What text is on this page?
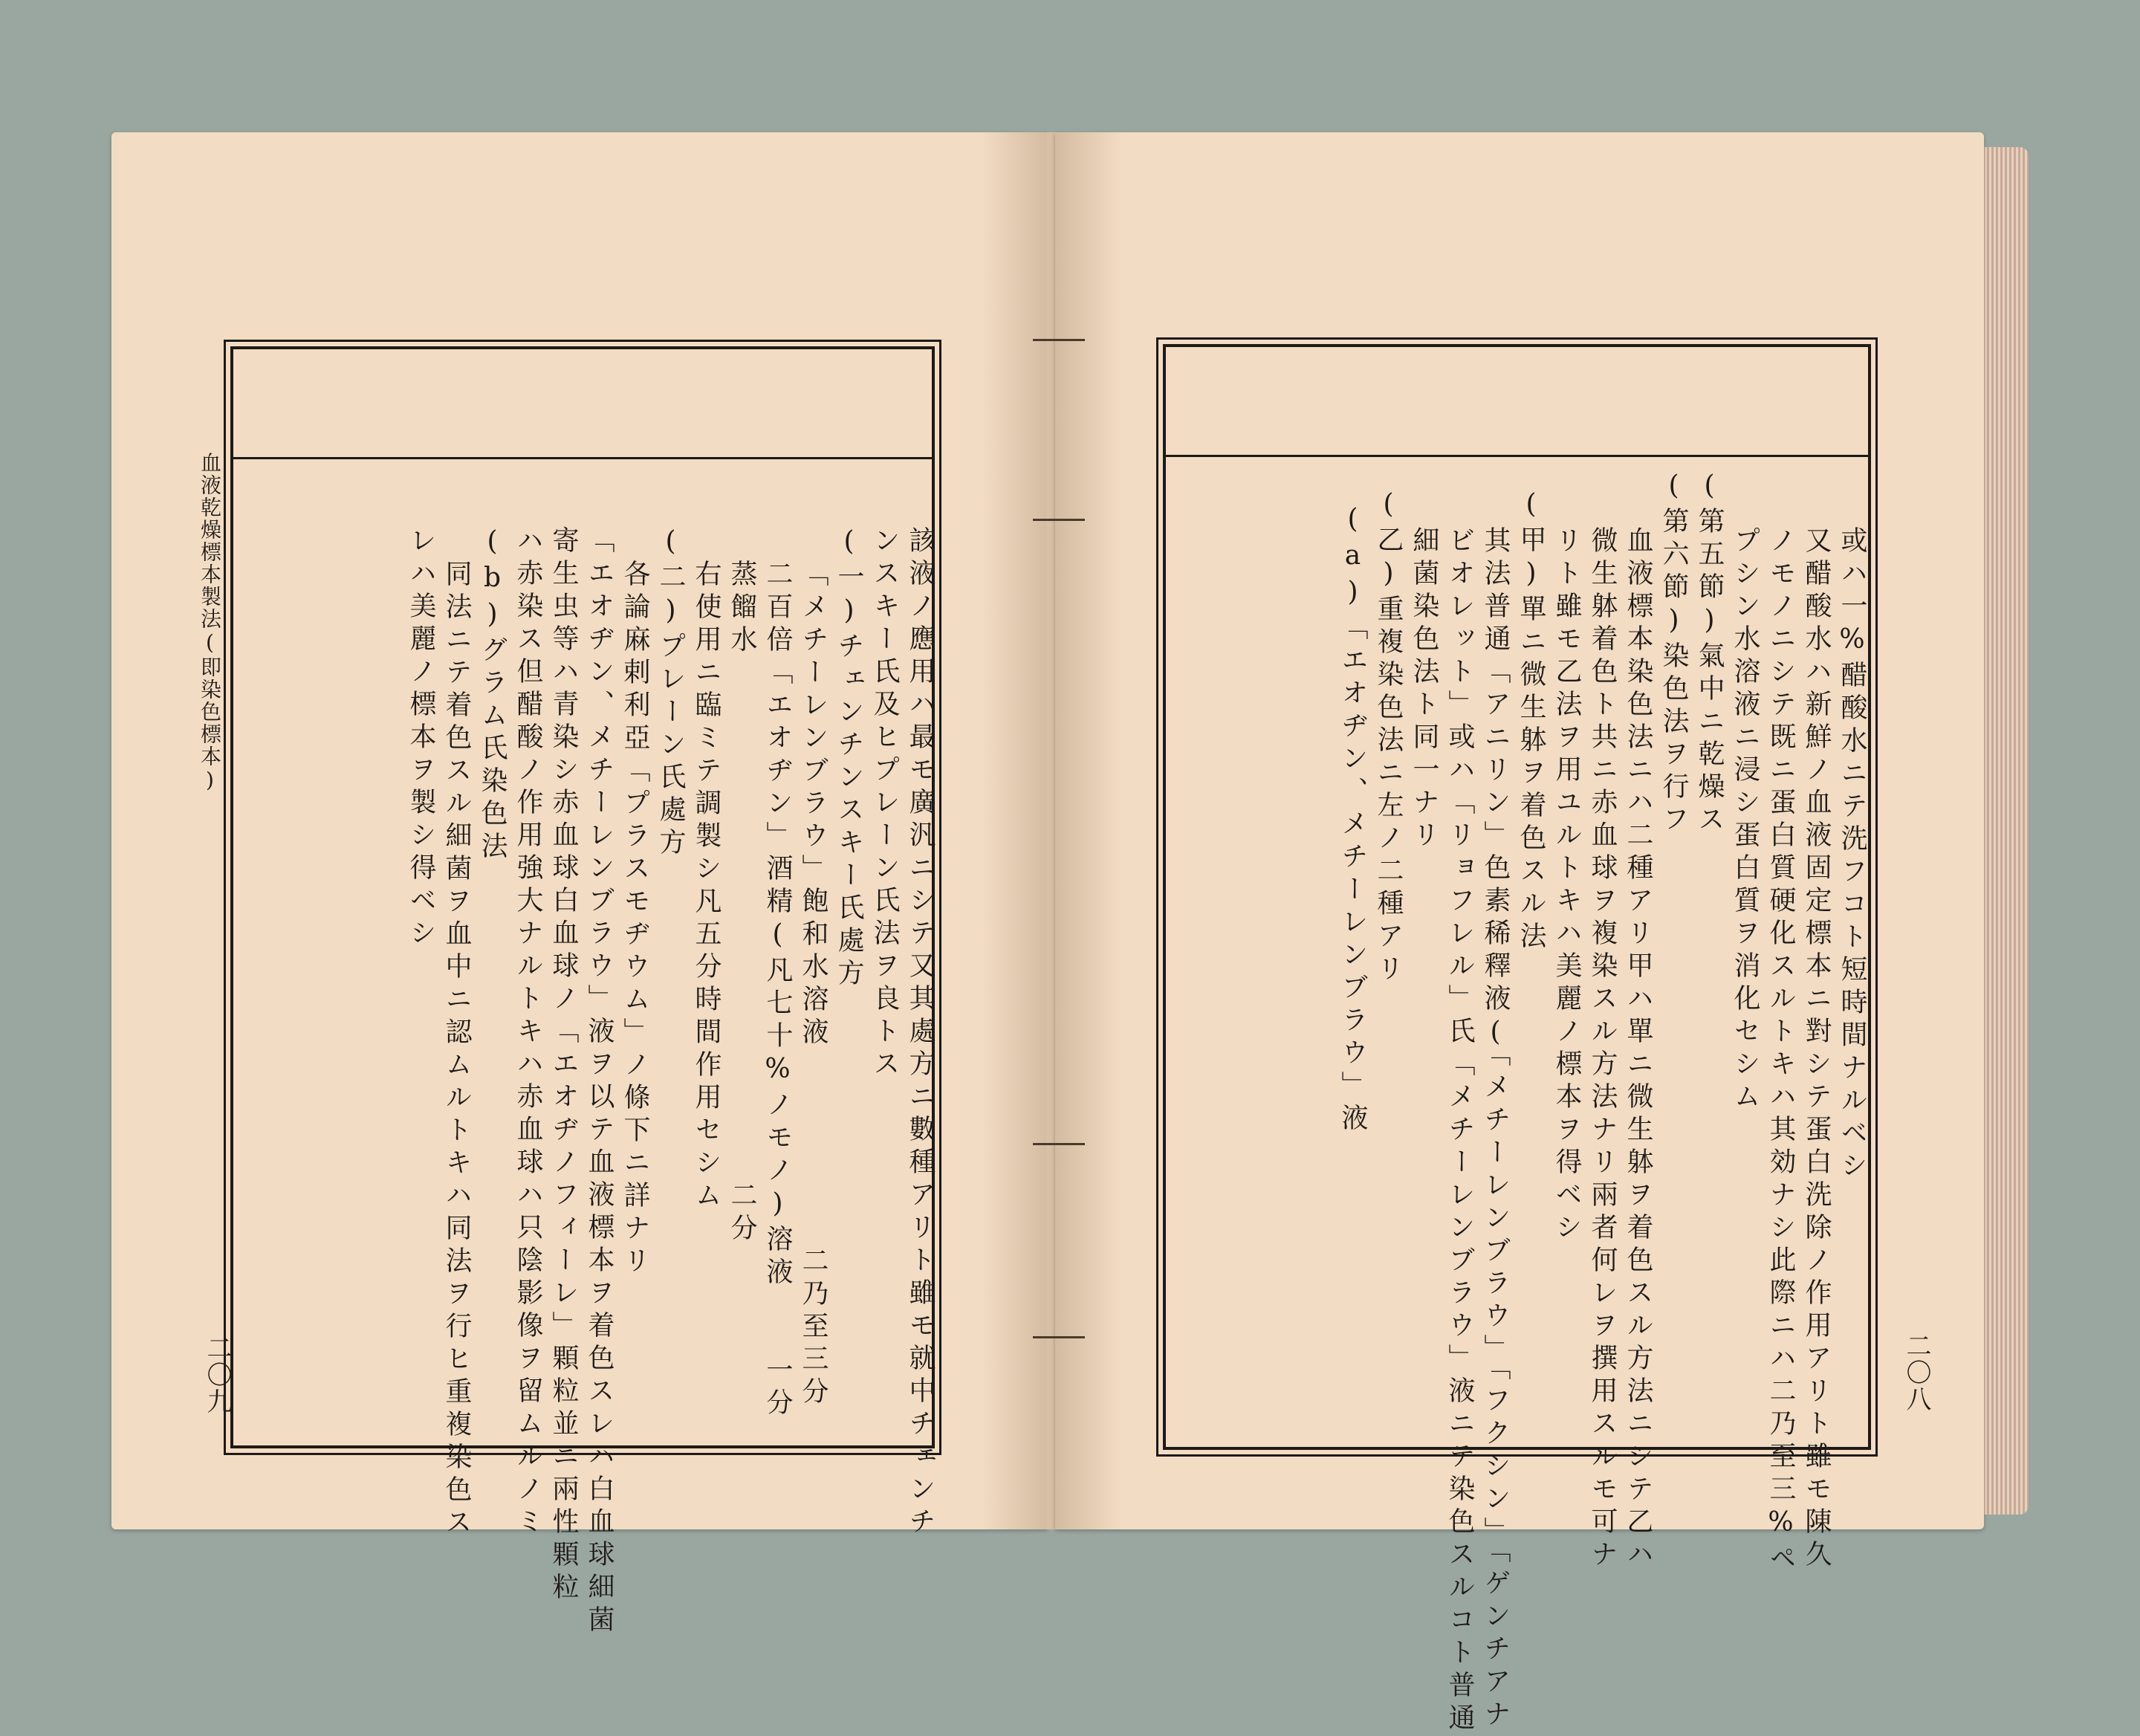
血液乾燥標本製法(即染色標本)
二〇九	該液ノ應用ハ最モ廣汎ニシテ又其處方ニ數種アリト雖モ就中チェンチ
ンスキー氏及ヒプレーン氏法ヲ良トス
(一)チェンチンスキー氏處方
「メチーレンブラウ」飽和水溶液　　　　　　二乃至三分
二百倍「エオヂン」酒精(凡七十%ノモノ)溶液　　一分
蒸餾水　　　　　　　　　　　　　　　　二分
右使用ニ臨ミテ調製シ凡五分時間作用セシム
(二)プレーン氏處方
各論麻剌利亞「プラスモヂウム」ノ條下ニ詳ナリ
「エオヂン、メチーレンブラウ」液ヲ以テ血液標本ヲ着色スレハ白血球細菌
寄生虫等ハ青染シ赤血球白血球ノ「エオヂノフィーレ」顆粒並ニ兩性顆粒
ハ赤染ス但醋酸ノ作用強大ナルトキハ赤血球ハ只陰影像ヲ留ムルノミ
(b)グラム氏染色法
同法ニテ着色スル細菌ヲ血中ニ認ムルトキハ同法ヲ行ヒ重複染色ス
レハ美麗ノ標本ヲ製シ得ベシ
二〇八
或ハ一%醋酸水ニテ洗フコト短時間ナルベシ
又醋酸水ハ新鮮ノ血液固定標本ニ對シテ蛋白洗除ノ作用アリト雖モ陳久
ノモノニシテ既ニ蛋白質硬化スルトキハ其効ナシ此際ニハ二乃至三%ペ
プシン水溶液ニ浸シ蛋白質ヲ消化セシム
(第五節)氣中ニ乾燥ス
(第六節)染色法ヲ行フ
血液標本染色法ニハ二種アリ甲ハ單ニ微生躰ヲ着色スル方法ニシテ乙ハ
微生躰着色ト共ニ赤血球ヲ複染スル方法ナリ兩者何レヲ撰用スルモ可ナ
リト雖モ乙法ヲ用ユルトキハ美麗ノ標本ヲ得ベシ
(甲)單ニ微生躰ヲ着色スル法
其法普通「アニリン」色素稀釋液(「メチーレンブラウ」「フクシン」「ゲンチアナ
ビオレット」或ハ「リョフレル」氏「メチーレンブラウ」液ニテ染色スルコト普通
細菌染色法ト同一ナリ
(乙)重複染色法ニ左ノ二種アリ
(a)「エオヂン、メチーレンブラウ」液
